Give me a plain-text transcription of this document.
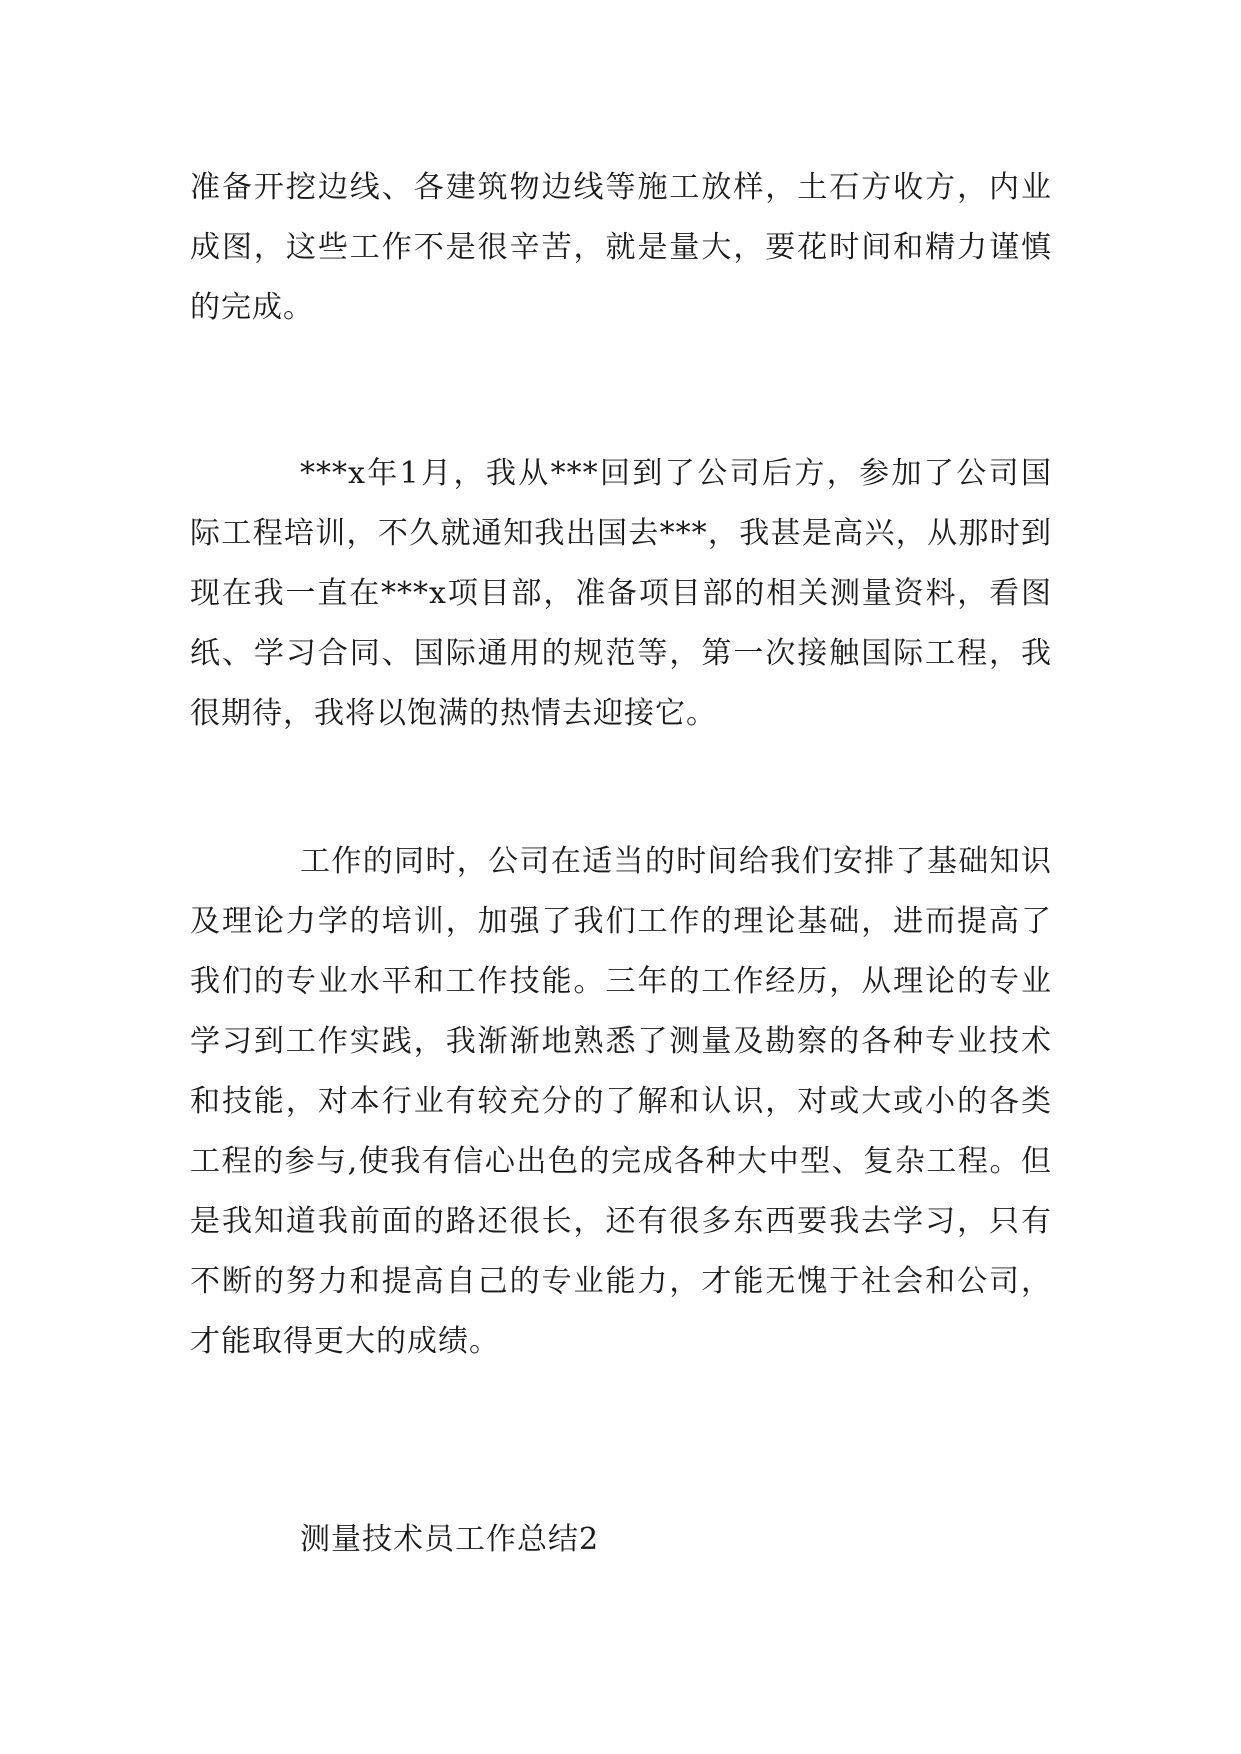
准备开挖边线、各建筑物边线等施工放样，土石方收方，内业成图，这些工作不是很辛苦，就是量大，要花时间和精力谨慎的完成。

***x年1月，我从***回到了公司后方，参加了公司国际工程培训，不久就通知我出国去***，我甚是高兴，从那时到现在我一直在***x项目部，准备项目部的相关测量资料，看图纸、学习合同、国际通用的规范等，第一次接触国际工程，我很期待，我将以饱满的热情去迎接它。

工作的同时，公司在适当的时间给我们安排了基础知识及理论力学的培训，加强了我们工作的理论基础，进而提高了我们的专业水平和工作技能。三年的工作经历，从理论的专业学习到工作实践，我渐渐地熟悉了测量及勘察的各种专业技术和技能，对本行业有较充分的了解和认识，对或大或小的各类工程的参与,使我有信心出色的完成各种大中型、复杂工程。但是我知道我前面的路还很长，还有很多东西要我去学习，只有不断的努力和提高自己的专业能力，才能无愧于社会和公司，才能取得更大的成绩。

测量技术员工作总结2
